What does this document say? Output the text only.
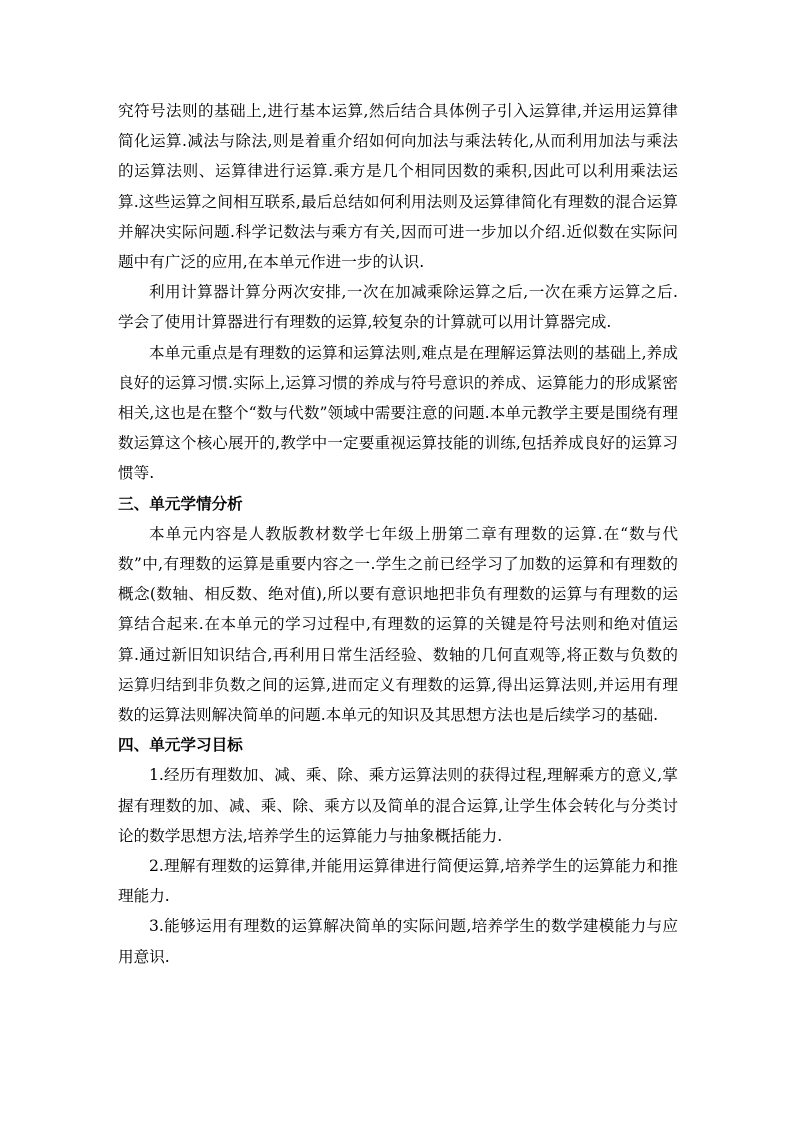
究符号法则的基础上,进行基本运算,然后结合具体例子引入运算律,并运用运算律简化运算.减法与除法,则是着重介绍如何向加法与乘法转化,从而利用加法与乘法的运算法则、运算律进行运算.乘方是几个相同因数的乘积,因此可以利用乘法运算.这些运算之间相互联系,最后总结如何利用法则及运算律简化有理数的混合运算并解决实际问题.科学记数法与乘方有关,因而可进一步加以介绍.近似数在实际问题中有广泛的应用,在本单元作进一步的认识.

利用计算器计算分两次安排,一次在加减乘除运算之后,一次在乘方运算之后.学会了使用计算器进行有理数的运算,较复杂的计算就可以用计算器完成.

本单元重点是有理数的运算和运算法则,难点是在理解运算法则的基础上,养成良好的运算习惯.实际上,运算习惯的养成与符号意识的养成、运算能力的形成紧密相关,这也是在整个“数与代数”领域中需要注意的问题.本单元教学主要是围绕有理数运算这个核心展开的,教学中一定要重视运算技能的训练,包括养成良好的运算习惯等.

三、单元学情分析

本单元内容是人教版教材数学七年级上册第二章有理数的运算.在“数与代数”中,有理数的运算是重要内容之一.学生之前已经学习了加数的运算和有理数的概念(数轴、相反数、绝对值),所以要有意识地把非负有理数的运算与有理数的运算结合起来.在本单元的学习过程中,有理数的运算的关键是符号法则和绝对值运算.通过新旧知识结合,再利用日常生活经验、数轴的几何直观等,将正数与负数的运算归结到非负数之间的运算,进而定义有理数的运算,得出运算法则,并运用有理数的运算法则解决简单的问题.本单元的知识及其思想方法也是后续学习的基础.

四、单元学习目标

1.经历有理数加、减、乘、除、乘方运算法则的获得过程,理解乘方的意义,掌握有理数的加、减、乘、除、乘方以及简单的混合运算,让学生体会转化与分类讨论的数学思想方法,培养学生的运算能力与抽象概括能力.

2.理解有理数的运算律,并能用运算律进行简便运算,培养学生的运算能力和推理能力.

3.能够运用有理数的运算解决简单的实际问题,培养学生的数学建模能力与应用意识.
